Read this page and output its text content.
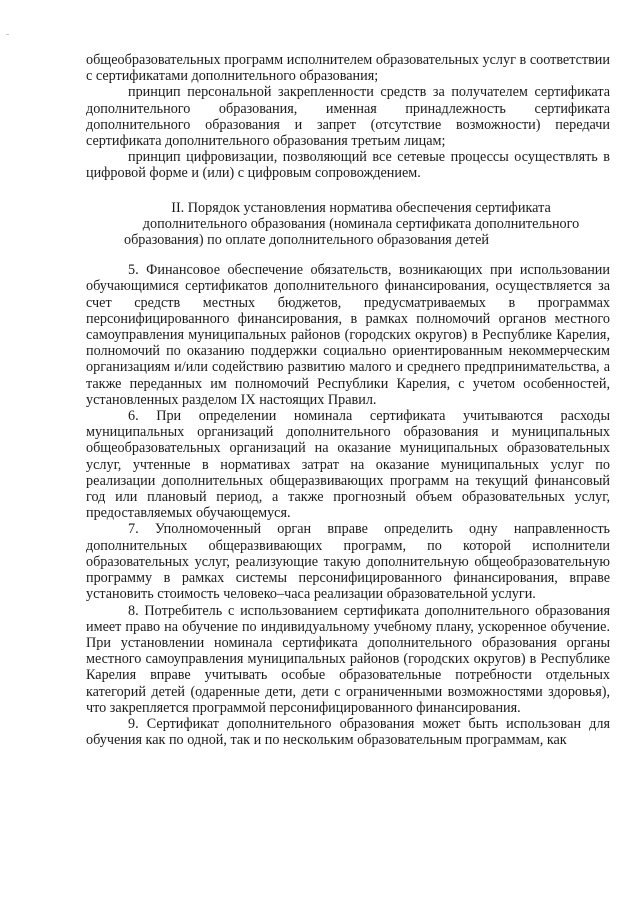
общеобразовательных программ исполнителем образовательных услуг в соответствии с сертификатами дополнительного образования;

принцип персональной закрепленности средств за получателем сертификата дополнительного образования, именная принадлежность сертификата дополнительного образования и запрет (отсутствие возможности) передачи сертификата дополнительного образования третьим лицам;

принцип цифровизации, позволяющий все сетевые процессы осуществлять в цифровой форме и (или) с цифровым сопровождением.

II. Порядок установления норматива обеспечения сертификата дополнительного образования (номинала сертификата дополнительного образования) по оплате дополнительного образования детей

5. Финансовое обеспечение обязательств, возникающих при использовании обучающимися сертификатов дополнительного финансирования, осуществляется за счет средств местных бюджетов, предусматриваемых в программах персонифицированного финансирования, в рамках полномочий органов местного самоуправления муниципальных районов (городских округов) в Республике Карелия, полномочий по оказанию поддержки социально ориентированным некоммерческим организациям и/или содействию развитию малого и среднего предпринимательства, а также переданных им полномочий Республики Карелия, с учетом особенностей, установленных разделом IX настоящих Правил.

6. При определении номинала сертификата учитываются расходы муниципальных организаций дополнительного образования и муниципальных общеобразовательных организаций на оказание муниципальных образовательных услуг, учтенные в нормативах затрат на оказание муниципальных услуг по реализации дополнительных общеразвивающих программ на текущий финансовый год или плановый период, а также прогнозный объем образовательных услуг, предоставляемых обучающемуся.

7. Уполномоченный орган вправе определить одну направленность дополнительных общеразвивающих программ, по которой исполнители образовательных услуг, реализующие такую дополнительную общеобразовательную программу в рамках системы персонифицированного финансирования, вправе установить стоимость человеко–часа реализации образовательной услуги.

8. Потребитель с использованием сертификата дополнительного образования имеет право на обучение по индивидуальному учебному плану, ускоренное обучение. При установлении номинала сертификата дополнительного образования органы местного самоуправления муниципальных районов (городских округов) в Республике Карелия вправе учитывать особые образовательные потребности отдельных категорий детей (одаренные дети, дети с ограниченными возможностями здоровья), что закрепляется программой персонифицированного финансирования.

9. Сертификат дополнительного образования может быть использован для обучения как по одной, так и по нескольким образовательным программам, как
